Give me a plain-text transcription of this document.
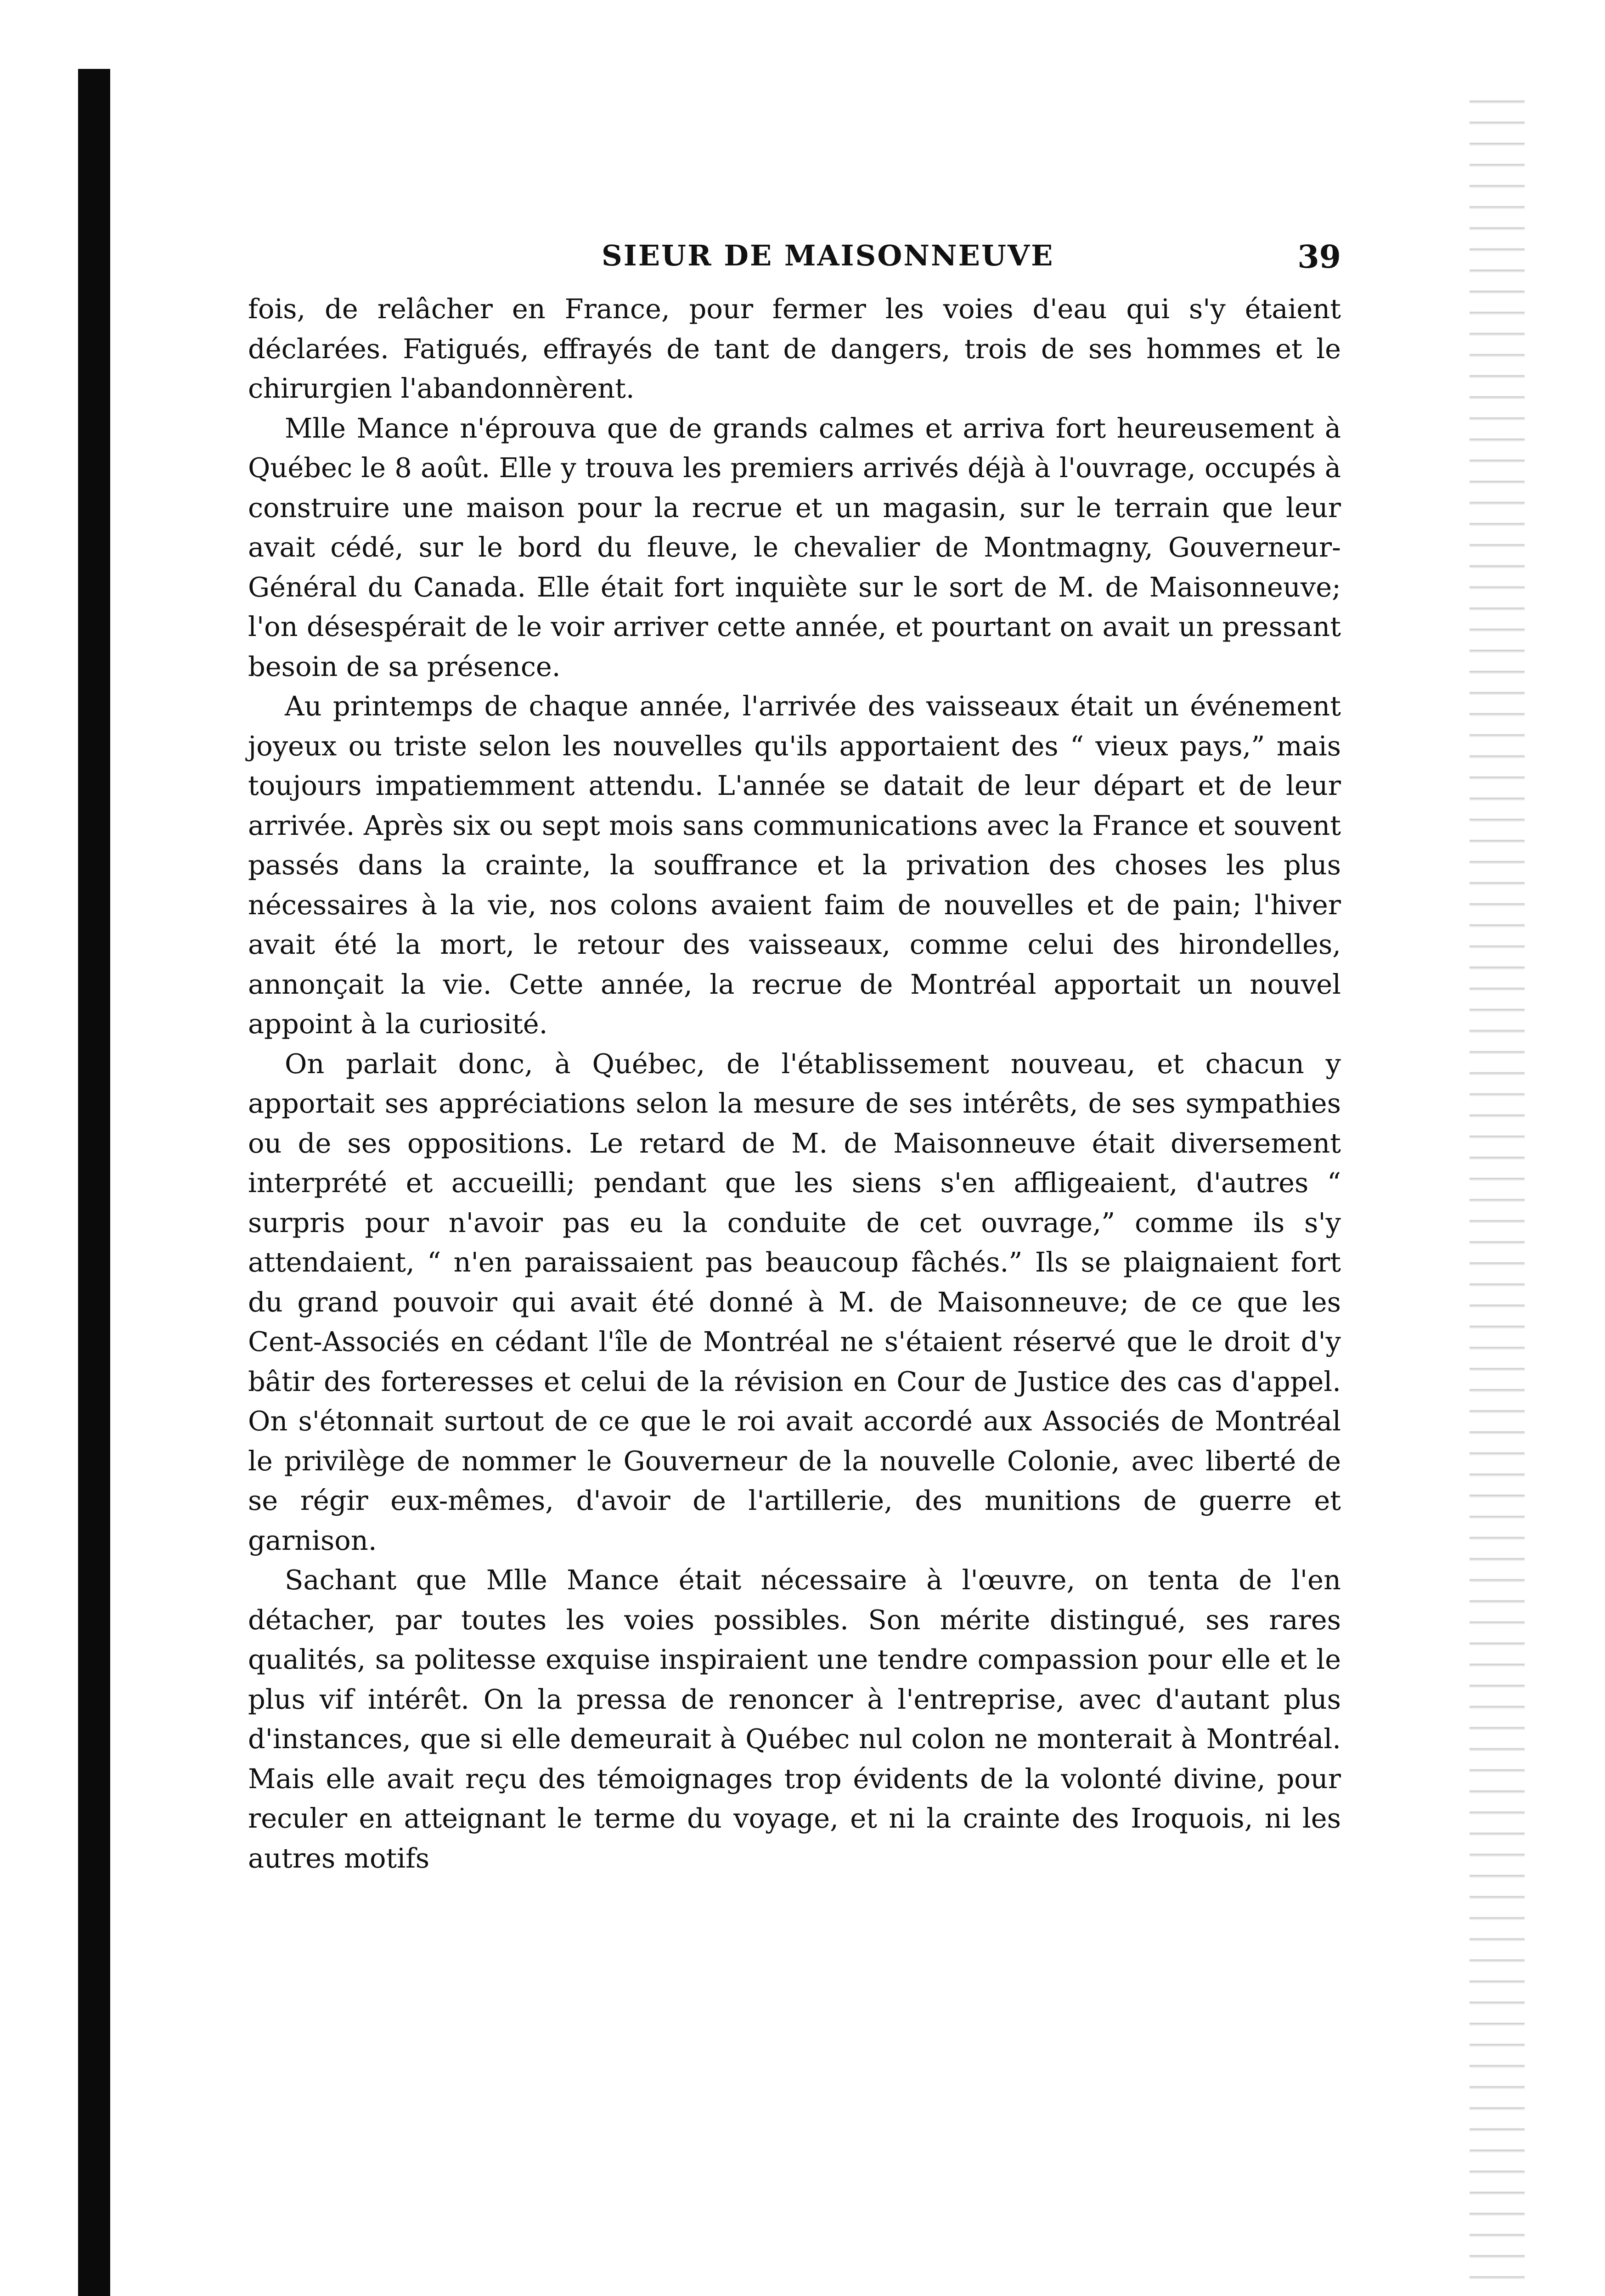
SIEUR DE MAISONNEUVE	39

fois, de relâcher en France, pour fermer les voies d'eau qui s'y étaient déclarées. Fatigués, effrayés de tant de dangers, trois de ses hommes et le chirurgien l'abandonnèrent.

Mlle Mance n'éprouva que de grands calmes et arriva fort heureusement à Québec le 8 août. Elle y trouva les premiers arrivés déjà à l'ouvrage, occupés à construire une maison pour la recrue et un magasin, sur le terrain que leur avait cédé, sur le bord du fleuve, le chevalier de Montmagny, Gouverneur-Général du Canada. Elle était fort inquiète sur le sort de M. de Maisonneuve; l'on désespérait de le voir arriver cette année, et pourtant on avait un pressant besoin de sa présence.

Au printemps de chaque année, l'arrivée des vaisseaux était un événement joyeux ou triste selon les nouvelles qu'ils apportaient des “ vieux pays,” mais toujours impatiemment attendu. L'année se datait de leur départ et de leur arrivée. Après six ou sept mois sans communications avec la France et souvent passés dans la crainte, la souffrance et la privation des choses les plus nécessaires à la vie, nos colons avaient faim de nouvelles et de pain; l'hiver avait été la mort, le retour des vaisseaux, comme celui des hirondelles, annonçait la vie. Cette année, la recrue de Montréal apportait un nouvel appoint à la curiosité.

On parlait donc, à Québec, de l'établissement nouveau, et chacun y apportait ses appréciations selon la mesure de ses intérêts, de ses sympathies ou de ses oppositions. Le retard de M. de Maisonneuve était diversement interprété et accueilli; pendant que les siens s'en affligeaient, d'autres “ surpris pour n'avoir pas eu la conduite de cet ouvrage,” comme ils s'y attendaient, “ n'en paraissaient pas beaucoup fâchés.” Ils se plaignaient fort du grand pouvoir qui avait été donné à M. de Maisonneuve; de ce que les Cent-Associés en cédant l'île de Montréal ne s'étaient réservé que le droit d'y bâtir des forteresses et celui de la révision en Cour de Justice des cas d'appel. On s'étonnait surtout de ce que le roi avait accordé aux Associés de Montréal le privilège de nommer le Gouverneur de la nouvelle Colonie, avec liberté de se régir eux-mêmes, d'avoir de l'artillerie, des munitions de guerre et garnison.

Sachant que Mlle Mance était nécessaire à l'œuvre, on tenta de l'en détacher, par toutes les voies possibles. Son mérite distingué, ses rares qualités, sa politesse exquise inspiraient une tendre compassion pour elle et le plus vif intérêt. On la pressa de renoncer à l'entreprise, avec d'autant plus d'instances, que si elle demeurait à Québec nul colon ne monterait à Montréal. Mais elle avait reçu des témoignages trop évidents de la volonté divine, pour reculer en atteignant le terme du voyage, et ni la crainte des Iroquois, ni les autres motifs
